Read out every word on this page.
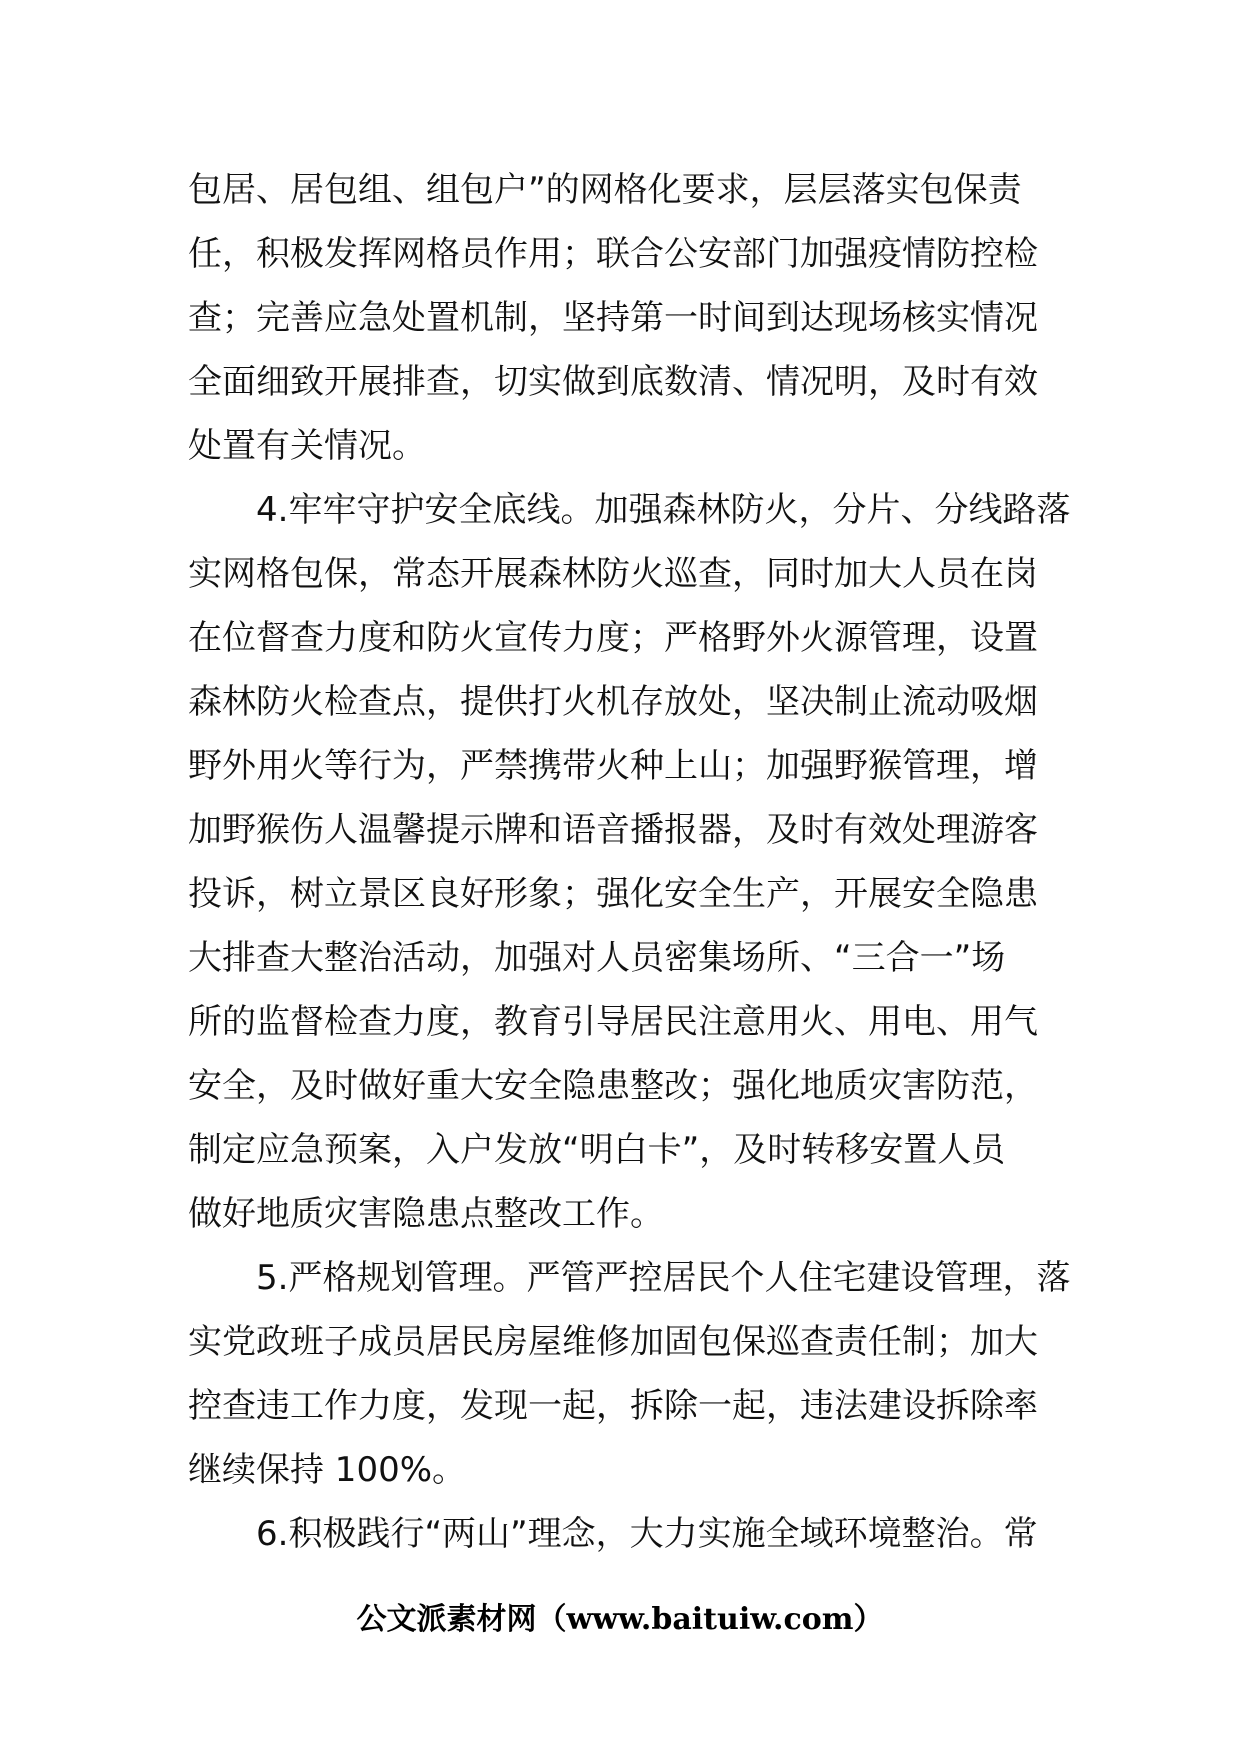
包居、居包组、组包户”的网格化要求，层层落实包保责
任，积极发挥网格员作用；联合公安部门加强疫情防控检
查；完善应急处置机制，坚持第一时间到达现场核实情况
全面细致开展排查，切实做到底数清、情况明，及时有效
处置有关情况。
4.牢牢守护安全底线。加强森林防火，分片、分线路落
实网格包保，常态开展森林防火巡查，同时加大人员在岗
在位督查力度和防火宣传力度；严格野外火源管理，设置
森林防火检查点，提供打火机存放处，坚决制止流动吸烟
野外用火等行为，严禁携带火种上山；加强野猴管理，增
加野猴伤人温馨提示牌和语音播报器，及时有效处理游客
投诉，树立景区良好形象；强化安全生产，开展安全隐患
大排查大整治活动，加强对人员密集场所、“三合一”场
所的监督检查力度，教育引导居民注意用火、用电、用气
安全，及时做好重大安全隐患整改；强化地质灾害防范，
制定应急预案，入户发放“明白卡”，及时转移安置人员
做好地质灾害隐患点整改工作。
5.严格规划管理。严管严控居民个人住宅建设管理，落
实党政班子成员居民房屋维修加固包保巡查责任制；加大
控查违工作力度，发现一起，拆除一起，违法建设拆除率
继续保持 100%。
6.积极践行“两山”理念，大力实施全域环境整治。常
公文派素材网（www.baituiw.com）
